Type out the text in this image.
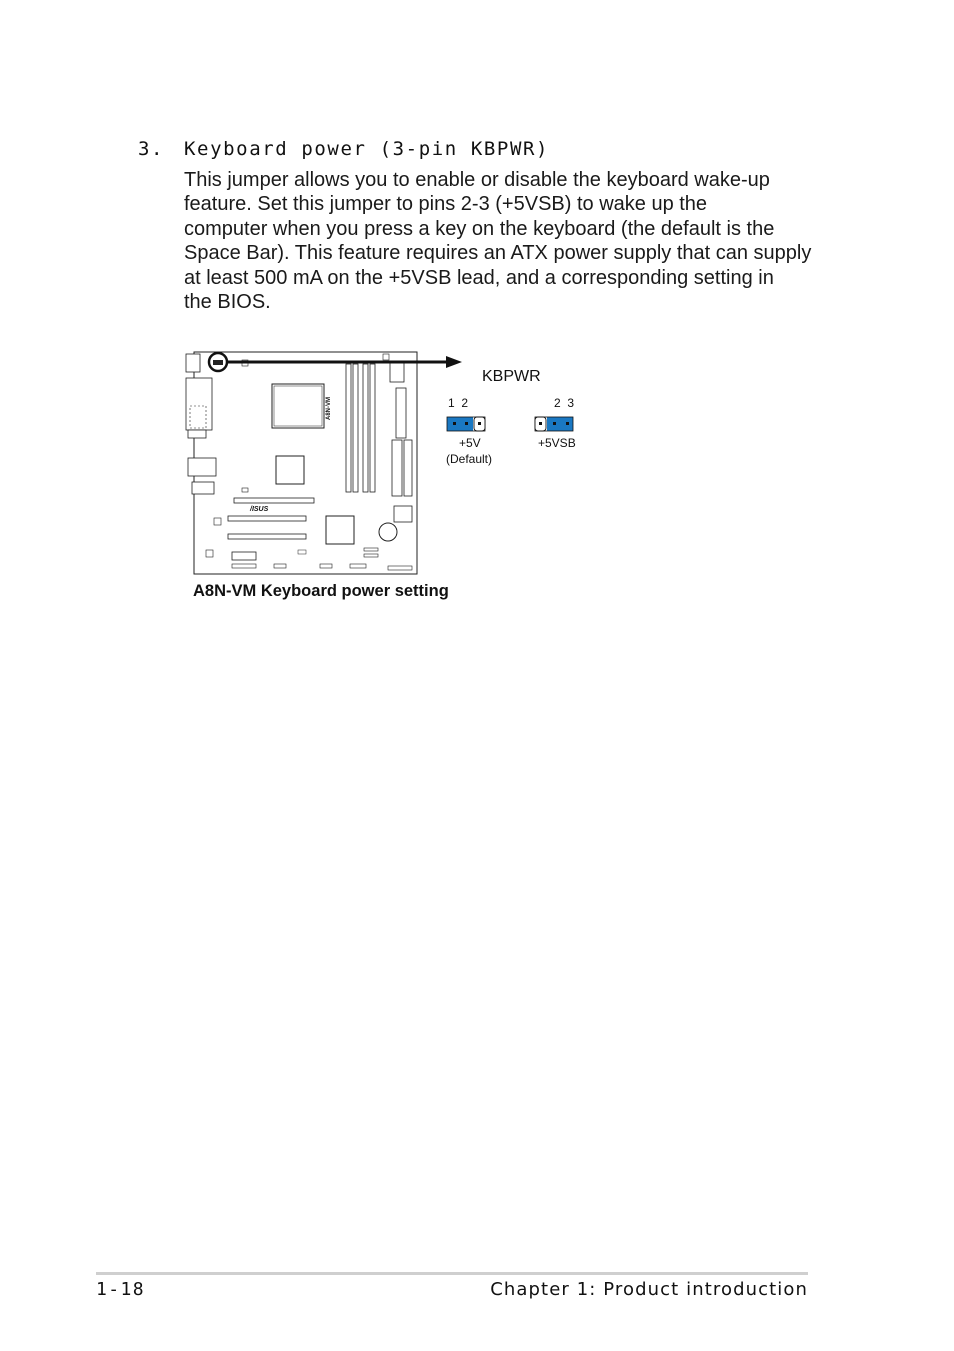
3. Keyboard power (3-pin KBPWR)
This jumper allows you to enable or disable the keyboard wake-up
feature. Set this jumper to pins 2-3 (+5VSB) to wake up the
computer when you press a key on the keyboard (the default is the
Space Bar). This feature requires an ATX power supply that can supply
at least 500 mA on the +5VSB lead, and a corresponding setting in
the BIOS.
A8N-VM
/ISUS
KBPWR
1  2	2  3
+5V
(Default)
+5VSB
A8N-VM Keyboard power setting
1-18	Chapter 1: Product introduction
